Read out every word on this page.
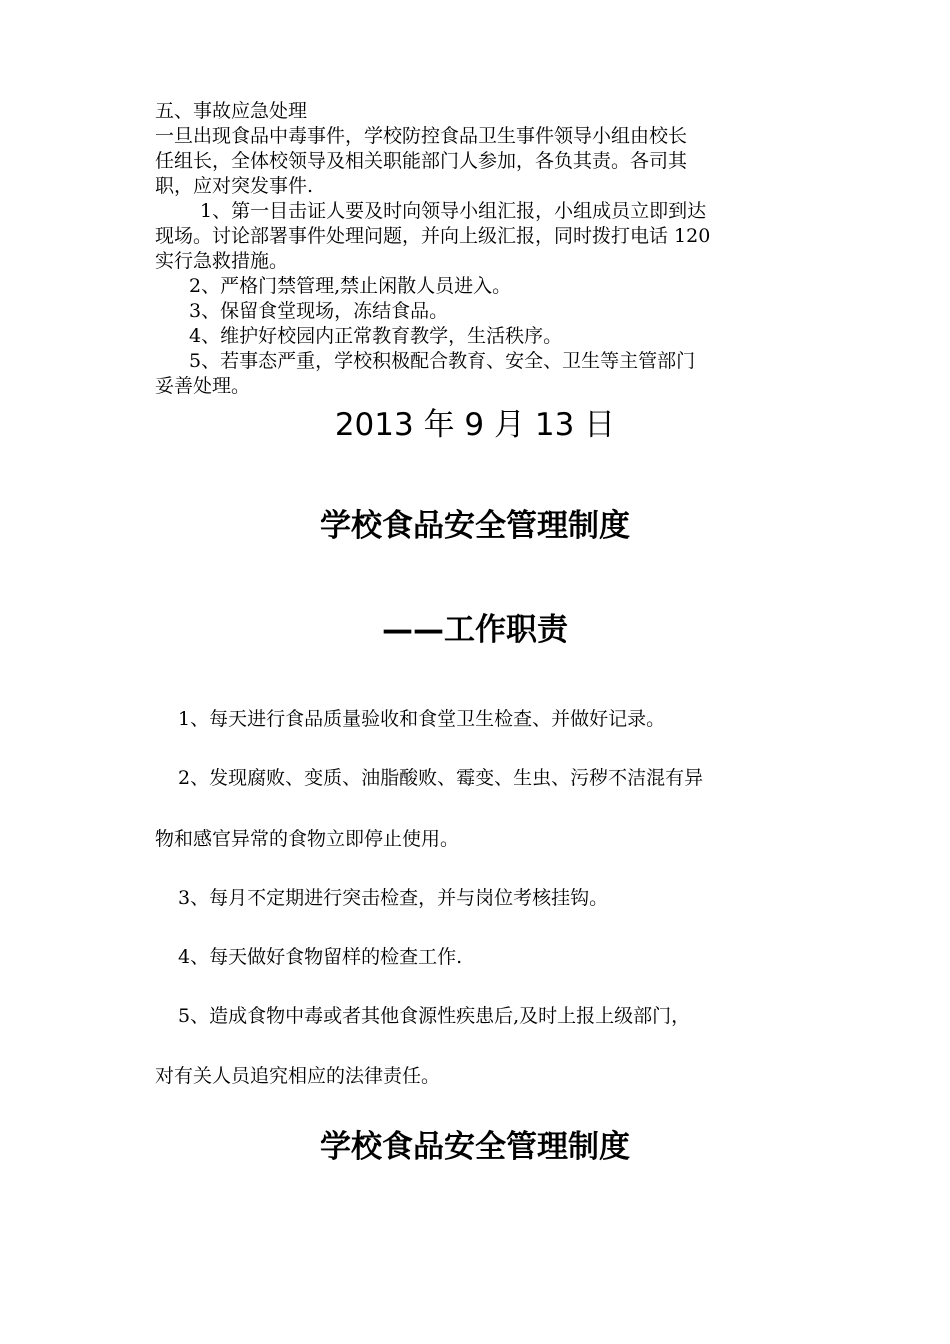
五、事故应急处理
一旦出现食品中毒事件，学校防控食品卫生事件领导小组由校长
任组长，全体校领导及相关职能部门人参加，各负其责。各司其
职，应对突发事件.
1、第一目击证人要及时向领导小组汇报，小组成员立即到达
现场。讨论部署事件处理问题，并向上级汇报，同时拨打电话 120
实行急救措施。
2、严格门禁管理,禁止闲散人员进入。
3、保留食堂现场，冻结食品。
4、维护好校园内正常教育教学，生活秩序。
5、若事态严重，学校积极配合教育、安全、卫生等主管部门
妥善处理。
2013 年 9 月 13 日
学校食品安全管理制度
——工作职责
1、每天进行食品质量验收和食堂卫生检查、并做好记录。
2、发现腐败、变质、油脂酸败、霉变、生虫、污秽不洁混有异
物和感官异常的食物立即停止使用。
3、每月不定期进行突击检查，并与岗位考核挂钩。
4、每天做好食物留样的检查工作.
5、造成食物中毒或者其他食源性疾患后,及时上报上级部门，
对有关人员追究相应的法律责任。
学校食品安全管理制度
